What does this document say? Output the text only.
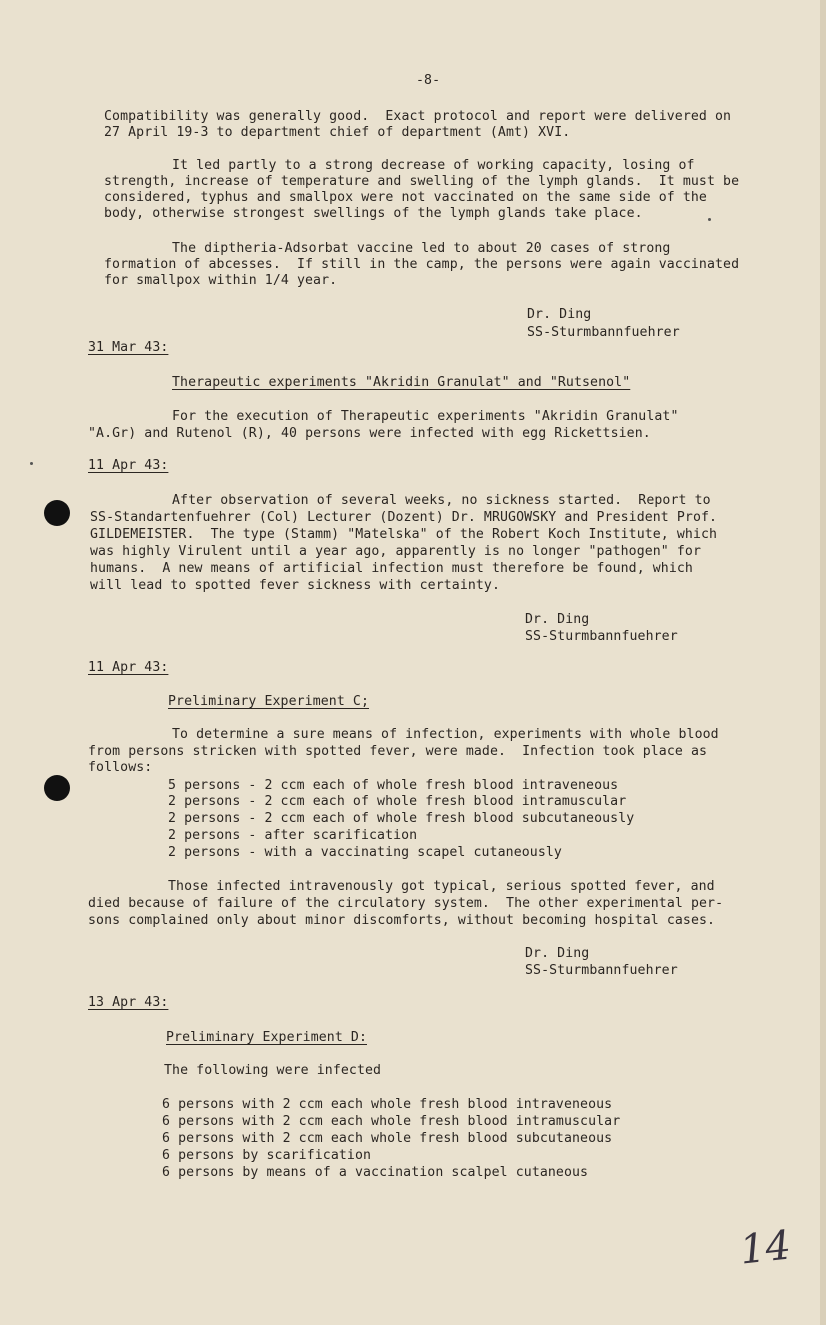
-8-
Compatibility was generally good.  Exact protocol and report were delivered on
27 April 19-3 to department chief of department (Amt) XVI.
It led partly to a strong decrease of working capacity, losing of
strength, increase of temperature and swelling of the lymph glands.  It must be
considered, typhus and smallpox were not vaccinated on the same side of the
body, otherwise strongest swellings of the lymph glands take place.
The diptheria-Adsorbat vaccine led to about 20 cases of strong
formation of abcesses.  If still in the camp, the persons were again vaccinated
for smallpox within 1/4 year.
Dr. Ding
SS-Sturmbannfuehrer
31 Mar 43:
Therapeutic experiments "Akridin Granulat" and "Rutsenol"
For the execution of Therapeutic experiments "Akridin Granulat"
"A.Gr) and Rutenol (R), 40 persons were infected with egg Rickettsien.
11 Apr 43:
After observation of several weeks, no sickness started.  Report to
SS-Standartenfuehrer (Col) Lecturer (Dozent) Dr. MRUGOWSKY and President Prof.
GILDEMEISTER.  The type (Stamm) "Matelska" of the Robert Koch Institute, which
was highly Virulent until a year ago, apparently is no longer "pathogen" for
humans.  A new means of artificial infection must therefore be found, which
will lead to spotted fever sickness with certainty.
Dr. Ding
SS-Sturmbannfuehrer
11 Apr 43:
Preliminary Experiment C;
To determine a sure means of infection, experiments with whole blood
from persons stricken with spotted fever, were made.  Infection took place as
follows:
5 persons - 2 ccm each of whole fresh blood intraveneous
2 persons - 2 ccm each of whole fresh blood intramuscular
2 persons - 2 ccm each of whole fresh blood subcutaneously
2 persons - after scarification
2 persons - with a vaccinating scapel cutaneously
Those infected intravenously got typical, serious spotted fever, and
died because of failure of the circulatory system.  The other experimental per-
sons complained only about minor discomforts, without becoming hospital cases.
Dr. Ding
SS-Sturmbannfuehrer
13 Apr 43:
Preliminary Experiment D:
The following were infected
6 persons with 2 ccm each whole fresh blood intraveneous
6 persons with 2 ccm each whole fresh blood intramuscular
6 persons with 2 ccm each whole fresh blood subcutaneous
6 persons by scarification
6 persons by means of a vaccination scalpel cutaneous
14
